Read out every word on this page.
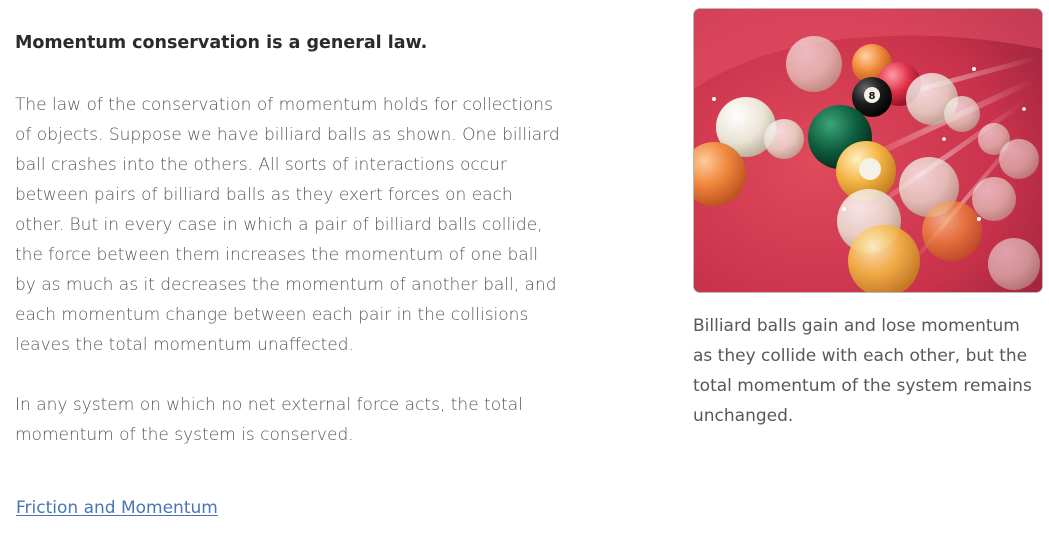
Momentum conservation is a general law.

The law of the conservation of momentum holds for collections of objects. Suppose we have billiard balls as shown. One billiard ball crashes into the others. All sorts of interactions occur between pairs of billiard balls as they exert forces on each other. But in every case in which a pair of billiard balls collide, the force between them increases the momentum of one ball by as much as it decreases the momentum of another ball, and each momentum change between each pair in the collisions leaves the total momentum unaffected.

In any system on which no net external force acts, the total momentum of the system is conserved.

Friction and Momentum
8

Billiard balls gain and lose momentum as they collide with each other, but the total momentum of the system remains unchanged.
